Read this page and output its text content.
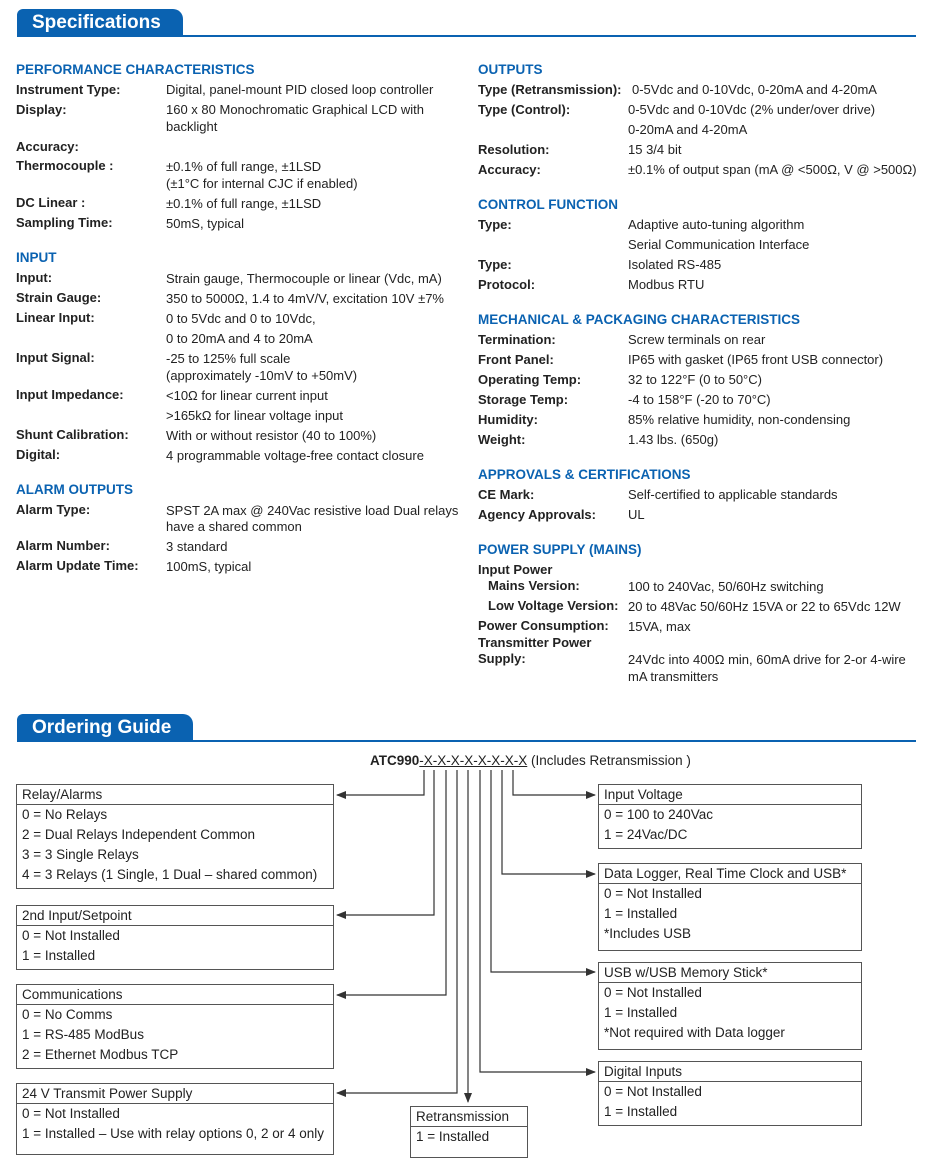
Specifications
PERFORMANCE CHARACTERISTICS
Instrument Type:	Digital, panel-mount PID closed loop controller
Display:	160 x 80 Monochromatic Graphical LCD with
backlight
Accuracy:
Thermocouple :	±0.1% of full range, ±1LSD
(±1°C for internal CJC if enabled)
DC Linear :	±0.1% of full range, ±1LSD
Sampling Time:	50mS, typical
INPUT
Input:	Strain gauge, Thermocouple or linear (Vdc, mA)
Strain Gauge:	350 to 5000Ω, 1.4 to 4mV/V, excitation 10V ±7%
Linear Input:	0 to 5Vdc and 0 to 10Vdc,
0 to 20mA and 4 to 20mA
Input Signal:	-25 to 125% full scale
(approximately -10mV to +50mV)
Input Impedance:	<10Ω for linear current input
>165kΩ for linear voltage input
Shunt Calibration:	With or without resistor (40 to 100%)
Digital:	4 programmable voltage-free contact closure
ALARM OUTPUTS
Alarm Type:	SPST 2A max @ 240Vac resistive load Dual relays
have a shared common
Alarm Number:	3 standard
Alarm Update Time: 100mS, typical
OUTPUTS
Type (Retransmission): 0-5Vdc and 0-10Vdc, 0-20mA and 4-20mA
Type (Control):	0-5Vdc and 0-10Vdc (2% under/over drive)
0-20mA and 4-20mA
Resolution:	15 3/4 bit
Accuracy:	±0.1% of output span (mA @ <500Ω, V @ >500Ω)
CONTROL FUNCTION
Type:	Adaptive auto-tuning algorithm
Serial Communication Interface
Type:	Isolated RS-485
Protocol:	Modbus RTU
MECHANICAL & PACKAGING CHARACTERISTICS
Termination:	Screw terminals on rear
Front Panel:	IP65 with gasket (IP65 front USB connector)
Operating Temp:	32 to 122°F (0 to 50°C)
Storage Temp:	-4 to 158°F (-20 to 70°C)
Humidity:	85% relative humidity, non-condensing
Weight:	1.43 lbs. (650g)
APPROVALS & CERTIFICATIONS
CE Mark:	Self-certified to applicable standards
Agency Approvals: UL
POWER SUPPLY (MAINS)
Input Power
Mains Version:	100 to 240Vac, 50/60Hz switching
Low Voltage Version: 20 to 48Vac 50/60Hz 15VA or 22 to 65Vdc 12W
Power Consumption: 15VA, max
Transmitter Power
Supply:	24Vdc into 400Ω min, 60mA drive for 2-or 4-wire
mA transmitters
Ordering Guide
ATC990-X-X-X-X-X-X-X-X (Includes Retransmission )
Relay/Alarms
0 = No Relays
2 = Dual Relays Independent Common
3 = 3 Single Relays
4 = 3 Relays (1 Single, 1 Dual – shared common)
2nd Input/Setpoint
0 = Not Installed
1 = Installed
Communications
0 = No Comms
1 = RS-485 ModBus
2 = Ethernet Modbus TCP
24 V Transmit Power Supply
0 = Not Installed
1 = Installed – Use with relay options 0, 2 or 4 only
Retransmission
1 = Installed
Input Voltage
0 = 100 to 240Vac
1 = 24Vac/DC
Data Logger, Real Time Clock and USB*
0 = Not Installed
1 = Installed
*Includes USB
USB w/USB Memory Stick*
0 = Not Installed
1 = Installed
*Not required with Data logger
Digital Inputs
0 = Not Installed
1 = Installed
